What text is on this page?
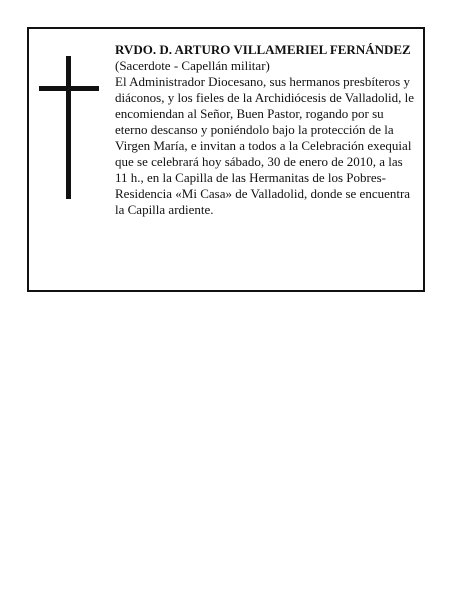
RVDO. D. ARTURO VILLAMERIEL FERNÁNDEZ

(Sacerdote - Capellán militar)

El Administrador Diocesano, sus hermanos presbíteros y diáconos, y los fieles de la Archidiócesis de Valladolid, le encomiendan al Señor, Buen Pastor, rogando por su eterno descanso y poniéndolo bajo la protección de la Virgen María, e invitan a todos a la Celebración exequial que se celebrará hoy sábado, 30 de enero de 2010, a las 11 h., en la Capilla de las Hermanitas de los Pobres-Residencia «Mi Casa» de Valladolid, donde se encuentra la Capilla ardiente.
